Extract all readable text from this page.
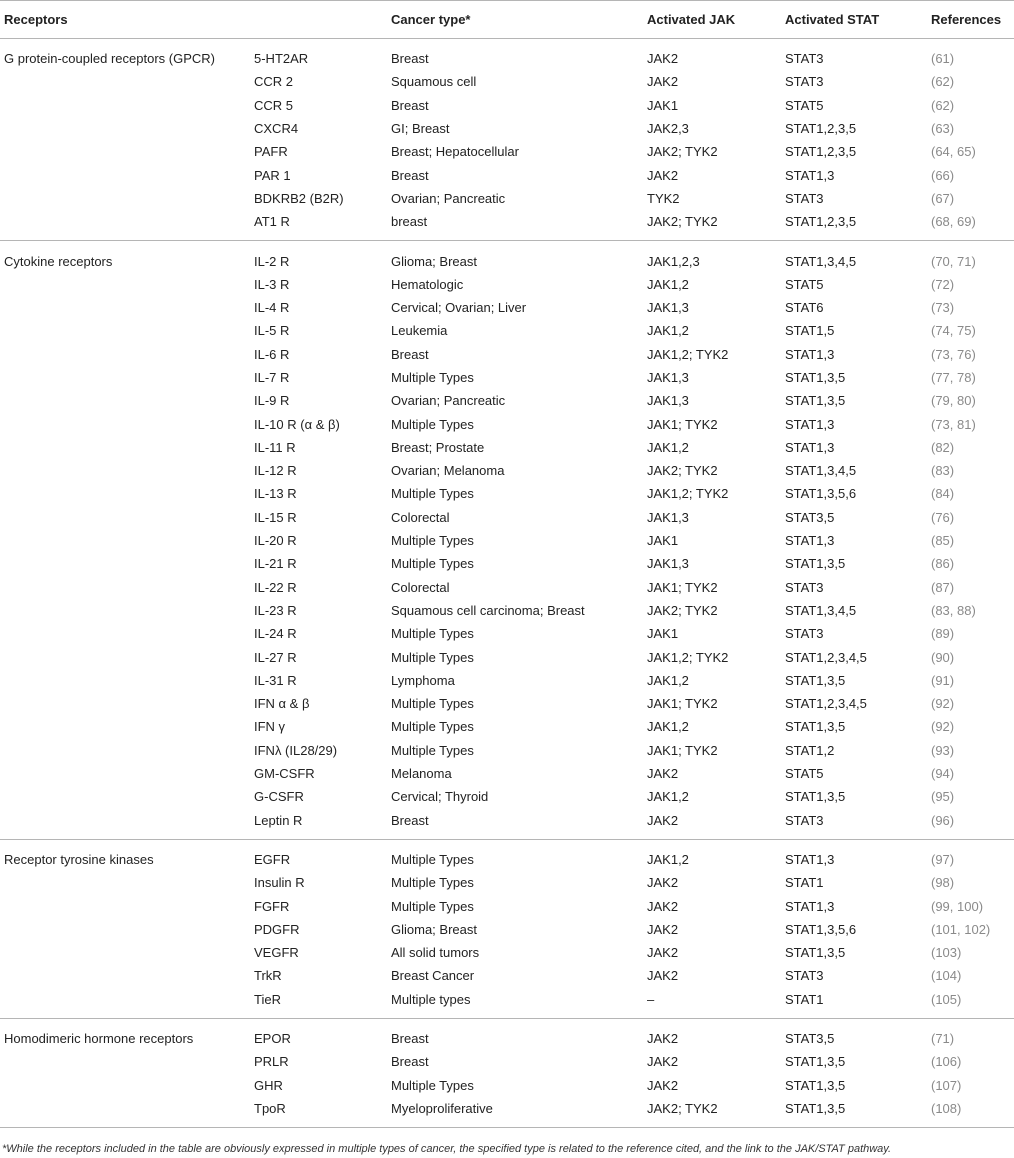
Receptors		Cancer type*	Activated JAK	Activated STAT	References
G protein-coupled receptors (GPCR)	5-HT2AR	Breast	JAK2	STAT3	(61)
	CCR 2	Squamous cell	JAK2	STAT3	(62)
	CCR 5	Breast	JAK1	STAT5	(62)
	CXCR4	GI; Breast	JAK2,3	STAT1,2,3,5	(63)
	PAFR	Breast; Hepatocellular	JAK2; TYK2	STAT1,2,3,5	(64, 65)
	PAR 1	Breast	JAK2	STAT1,3	(66)
	BDKRB2 (B2R)	Ovarian; Pancreatic	TYK2	STAT3	(67)
	AT1 R	breast	JAK2; TYK2	STAT1,2,3,5	(68, 69)
Cytokine receptors	IL-2 R	Glioma; Breast	JAK1,2,3	STAT1,3,4,5	(70, 71)
	IL-3 R	Hematologic	JAK1,2	STAT5	(72)
	IL-4 R	Cervical; Ovarian; Liver	JAK1,3	STAT6	(73)
	IL-5 R	Leukemia	JAK1,2	STAT1,5	(74, 75)
	IL-6 R	Breast	JAK1,2; TYK2	STAT1,3	(73, 76)
	IL-7 R	Multiple Types	JAK1,3	STAT1,3,5	(77, 78)
	IL-9 R	Ovarian; Pancreatic	JAK1,3	STAT1,3,5	(79, 80)
	IL-10 R (α & β)	Multiple Types	JAK1; TYK2	STAT1,3	(73, 81)
	IL-11 R	Breast; Prostate	JAK1,2	STAT1,3	(82)
	IL-12 R	Ovarian; Melanoma	JAK2; TYK2	STAT1,3,4,5	(83)
	IL-13 R	Multiple Types	JAK1,2; TYK2	STAT1,3,5,6	(84)
	IL-15 R	Colorectal	JAK1,3	STAT3,5	(76)
	IL-20 R	Multiple Types	JAK1	STAT1,3	(85)
	IL-21 R	Multiple Types	JAK1,3	STAT1,3,5	(86)
	IL-22 R	Colorectal	JAK1; TYK2	STAT3	(87)
	IL-23 R	Squamous cell carcinoma; Breast	JAK2; TYK2	STAT1,3,4,5	(83, 88)
	IL-24 R	Multiple Types	JAK1	STAT3	(89)
	IL-27 R	Multiple Types	JAK1,2; TYK2	STAT1,2,3,4,5	(90)
	IL-31 R	Lymphoma	JAK1,2	STAT1,3,5	(91)
	IFN α & β	Multiple Types	JAK1; TYK2	STAT1,2,3,4,5	(92)
	IFN γ	Multiple Types	JAK1,2	STAT1,3,5	(92)
	IFNλ (IL28/29)	Multiple Types	JAK1; TYK2	STAT1,2	(93)
	GM-CSFR	Melanoma	JAK2	STAT5	(94)
	G-CSFR	Cervical; Thyroid	JAK1,2	STAT1,3,5	(95)
	Leptin R	Breast	JAK2	STAT3	(96)
Receptor tyrosine kinases	EGFR	Multiple Types	JAK1,2	STAT1,3	(97)
	Insulin R	Multiple Types	JAK2	STAT1	(98)
	FGFR	Multiple Types	JAK2	STAT1,3	(99, 100)
	PDGFR	Glioma; Breast	JAK2	STAT1,3,5,6	(101, 102)
	VEGFR	All solid tumors	JAK2	STAT1,3,5	(103)
	TrkR	Breast Cancer	JAK2	STAT3	(104)
	TieR	Multiple types	–	STAT1	(105)
Homodimeric hormone receptors	EPOR	Breast	JAK2	STAT3,5	(71)
	PRLR	Breast	JAK2	STAT1,3,5	(106)
	GHR	Multiple Types	JAK2	STAT1,3,5	(107)
	TpoR	Myeloproliferative	JAK2; TYK2	STAT1,3,5	(108)
*While the receptors included in the table are obviously expressed in multiple types of cancer, the specified type is related to the reference cited, and the link to the JAK/STAT pathway.
